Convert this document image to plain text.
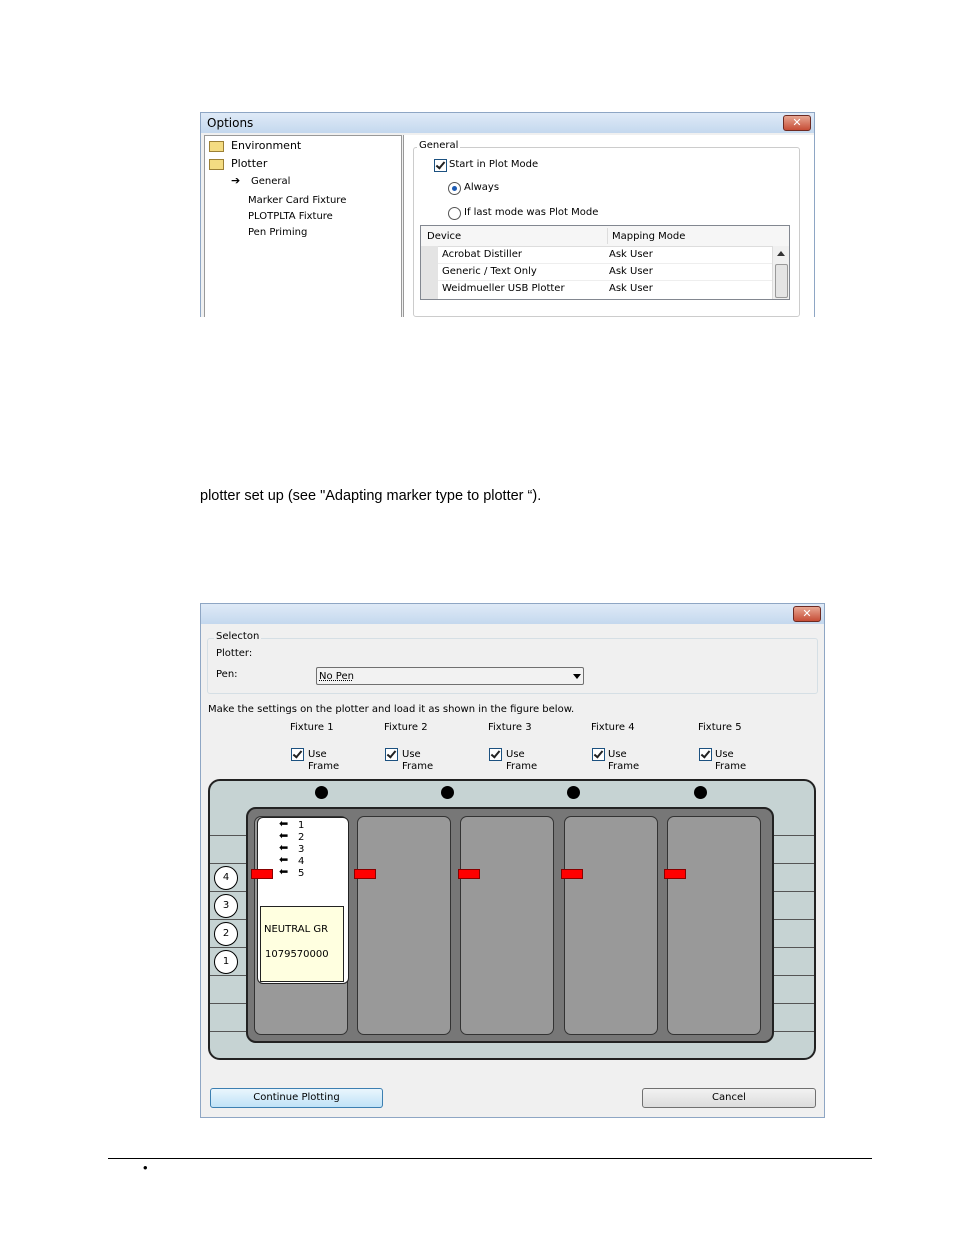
Options	✕
Environment
Plotter
➔ General
Marker Card Fixture
PLOTPLTA Fixture
Pen Priming
General
Start in Plot Mode
Always
If last mode was Plot Mode
Device	Mapping Mode
Acrobat Distiller	Ask User
Generic / Text Only	Ask User
Weidmueller USB Plotter	Ask User
plotter set up (see "Adapting marker type to plotter “).
✕
Selecton
Plotter:
Pen:	No Pen
Make the settings on the plotter and load it as shown in the figure below.
Fixture 1
Use
Frame
Fixture 2
Use
Frame
Fixture 3
Use
Frame
Fixture 4
Use
Frame
Fixture 5
Use
Frame
NEUTRAL GR
1079570000
⬅ 1
⬅ 2
⬅ 3
⬅ 4
⬅ 5
4
3
2
1
Continue Plotting	Cancel
•
